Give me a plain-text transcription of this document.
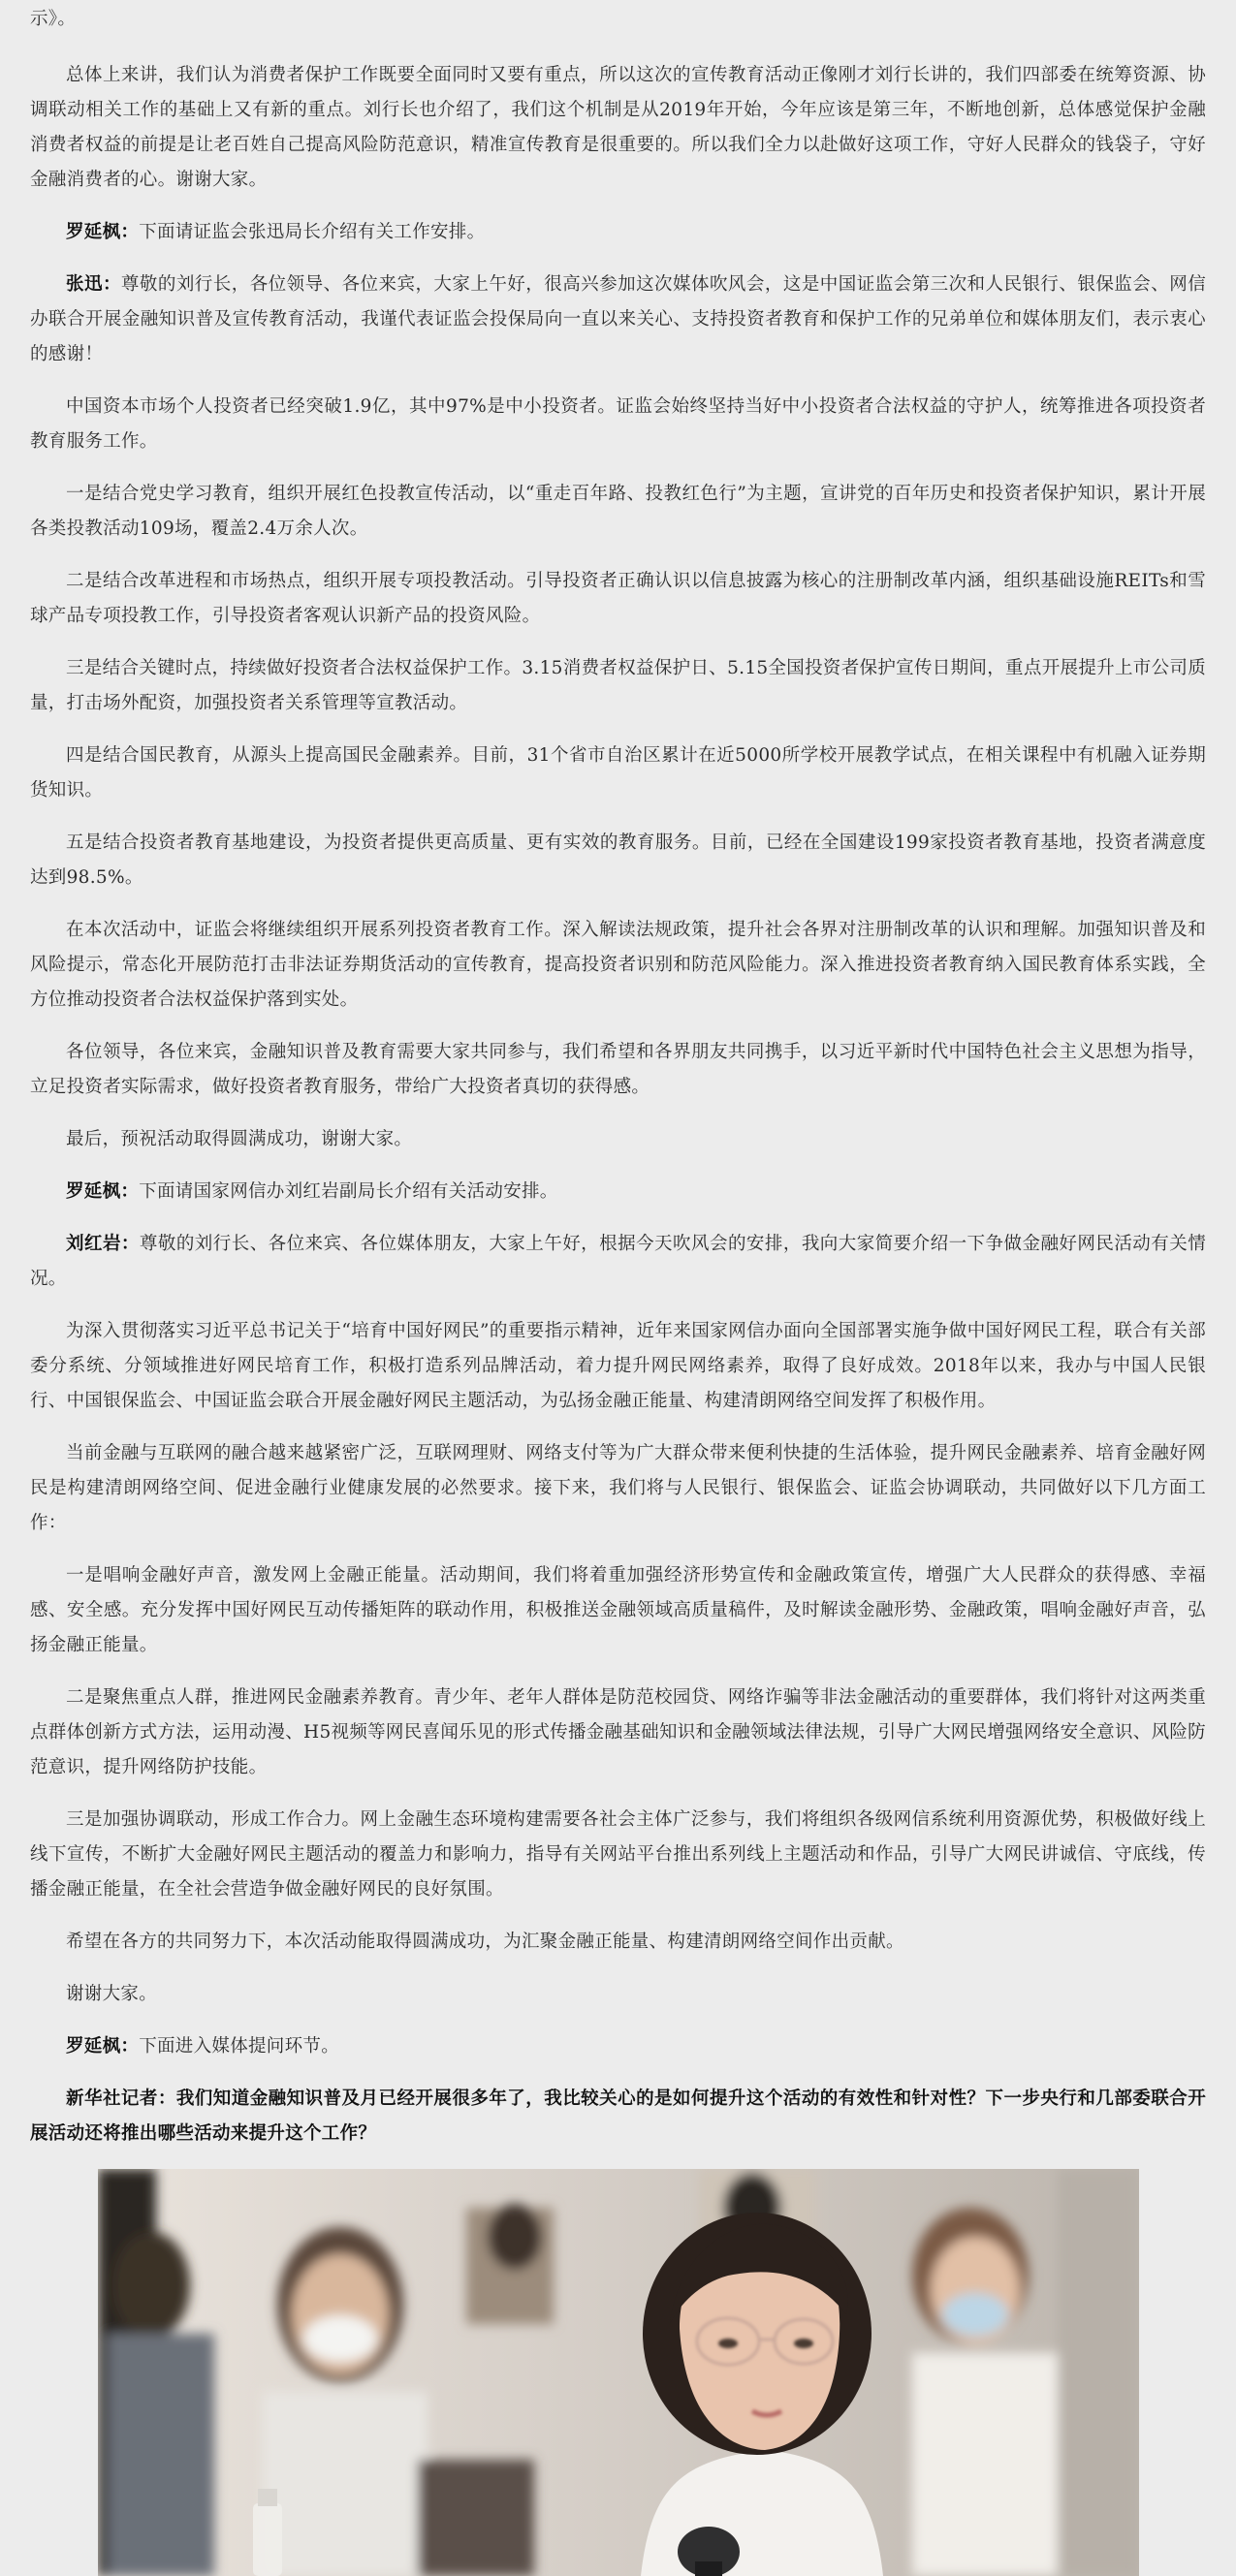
示》。

总体上来讲，我们认为消费者保护工作既要全面同时又要有重点，所以这次的宣传教育活动正像刚才刘行长讲的，我们四部委在统筹资源、协调联动相关工作的基础上又有新的重点。刘行长也介绍了，我们这个机制是从2019年开始，今年应该是第三年，不断地创新，总体感觉保护金融消费者权益的前提是让老百姓自己提高风险防范意识，精准宣传教育是很重要的。所以我们全力以赴做好这项工作，守好人民群众的钱袋子，守好金融消费者的心。谢谢大家。

罗延枫：下面请证监会张迅局长介绍有关工作安排。

张迅：尊敬的刘行长，各位领导、各位来宾，大家上午好，很高兴参加这次媒体吹风会，这是中国证监会第三次和人民银行、银保监会、网信办联合开展金融知识普及宣传教育活动，我谨代表证监会投保局向一直以来关心、支持投资者教育和保护工作的兄弟单位和媒体朋友们，表示衷心的感谢！

中国资本市场个人投资者已经突破1.9亿，其中97%是中小投资者。证监会始终坚持当好中小投资者合法权益的守护人，统筹推进各项投资者教育服务工作。

一是结合党史学习教育，组织开展红色投教宣传活动，以“重走百年路、投教红色行”为主题，宣讲党的百年历史和投资者保护知识，累计开展各类投教活动109场，覆盖2.4万余人次。

二是结合改革进程和市场热点，组织开展专项投教活动。引导投资者正确认识以信息披露为核心的注册制改革内涵，组织基础设施REITs和雪球产品专项投教工作，引导投资者客观认识新产品的投资风险。

三是结合关键时点，持续做好投资者合法权益保护工作。3.15消费者权益保护日、5.15全国投资者保护宣传日期间，重点开展提升上市公司质量，打击场外配资，加强投资者关系管理等宣教活动。

四是结合国民教育，从源头上提高国民金融素养。目前，31个省市自治区累计在近5000所学校开展教学试点，在相关课程中有机融入证券期货知识。

五是结合投资者教育基地建设，为投资者提供更高质量、更有实效的教育服务。目前，已经在全国建设199家投资者教育基地，投资者满意度达到98.5%。

在本次活动中，证监会将继续组织开展系列投资者教育工作。深入解读法规政策，提升社会各界对注册制改革的认识和理解。加强知识普及和风险提示，常态化开展防范打击非法证券期货活动的宣传教育，提高投资者识别和防范风险能力。深入推进投资者教育纳入国民教育体系实践，全方位推动投资者合法权益保护落到实处。

各位领导，各位来宾，金融知识普及教育需要大家共同参与，我们希望和各界朋友共同携手，以习近平新时代中国特色社会主义思想为指导，立足投资者实际需求，做好投资者教育服务，带给广大投资者真切的获得感。

最后，预祝活动取得圆满成功，谢谢大家。

罗延枫：下面请国家网信办刘红岩副局长介绍有关活动安排。

刘红岩：尊敬的刘行长、各位来宾、各位媒体朋友，大家上午好，根据今天吹风会的安排，我向大家简要介绍一下争做金融好网民活动有关情况。

为深入贯彻落实习近平总书记关于“培育中国好网民”的重要指示精神，近年来国家网信办面向全国部署实施争做中国好网民工程，联合有关部委分系统、分领域推进好网民培育工作，积极打造系列品牌活动，着力提升网民网络素养，取得了良好成效。2018年以来，我办与中国人民银行、中国银保监会、中国证监会联合开展金融好网民主题活动，为弘扬金融正能量、构建清朗网络空间发挥了积极作用。

当前金融与互联网的融合越来越紧密广泛，互联网理财、网络支付等为广大群众带来便利快捷的生活体验，提升网民金融素养、培育金融好网民是构建清朗网络空间、促进金融行业健康发展的必然要求。接下来，我们将与人民银行、银保监会、证监会协调联动，共同做好以下几方面工作：

一是唱响金融好声音，激发网上金融正能量。活动期间，我们将着重加强经济形势宣传和金融政策宣传，增强广大人民群众的获得感、幸福感、安全感。充分发挥中国好网民互动传播矩阵的联动作用，积极推送金融领域高质量稿件，及时解读金融形势、金融政策，唱响金融好声音，弘扬金融正能量。

二是聚焦重点人群，推进网民金融素养教育。青少年、老年人群体是防范校园贷、网络诈骗等非法金融活动的重要群体，我们将针对这两类重点群体创新方式方法，运用动漫、H5视频等网民喜闻乐见的形式传播金融基础知识和金融领域法律法规，引导广大网民增强网络安全意识、风险防范意识，提升网络防护技能。

三是加强协调联动，形成工作合力。网上金融生态环境构建需要各社会主体广泛参与，我们将组织各级网信系统利用资源优势，积极做好线上线下宣传，不断扩大金融好网民主题活动的覆盖力和影响力，指导有关网站平台推出系列线上主题活动和作品，引导广大网民讲诚信、守底线，传播金融正能量，在全社会营造争做金融好网民的良好氛围。

希望在各方的共同努力下，本次活动能取得圆满成功，为汇聚金融正能量、构建清朗网络空间作出贡献。

谢谢大家。

罗延枫：下面进入媒体提问环节。

新华社记者：我们知道金融知识普及月已经开展很多年了，我比较关心的是如何提升这个活动的有效性和针对性？下一步央行和几部委联合开展活动还将推出哪些活动来提升这个工作？
